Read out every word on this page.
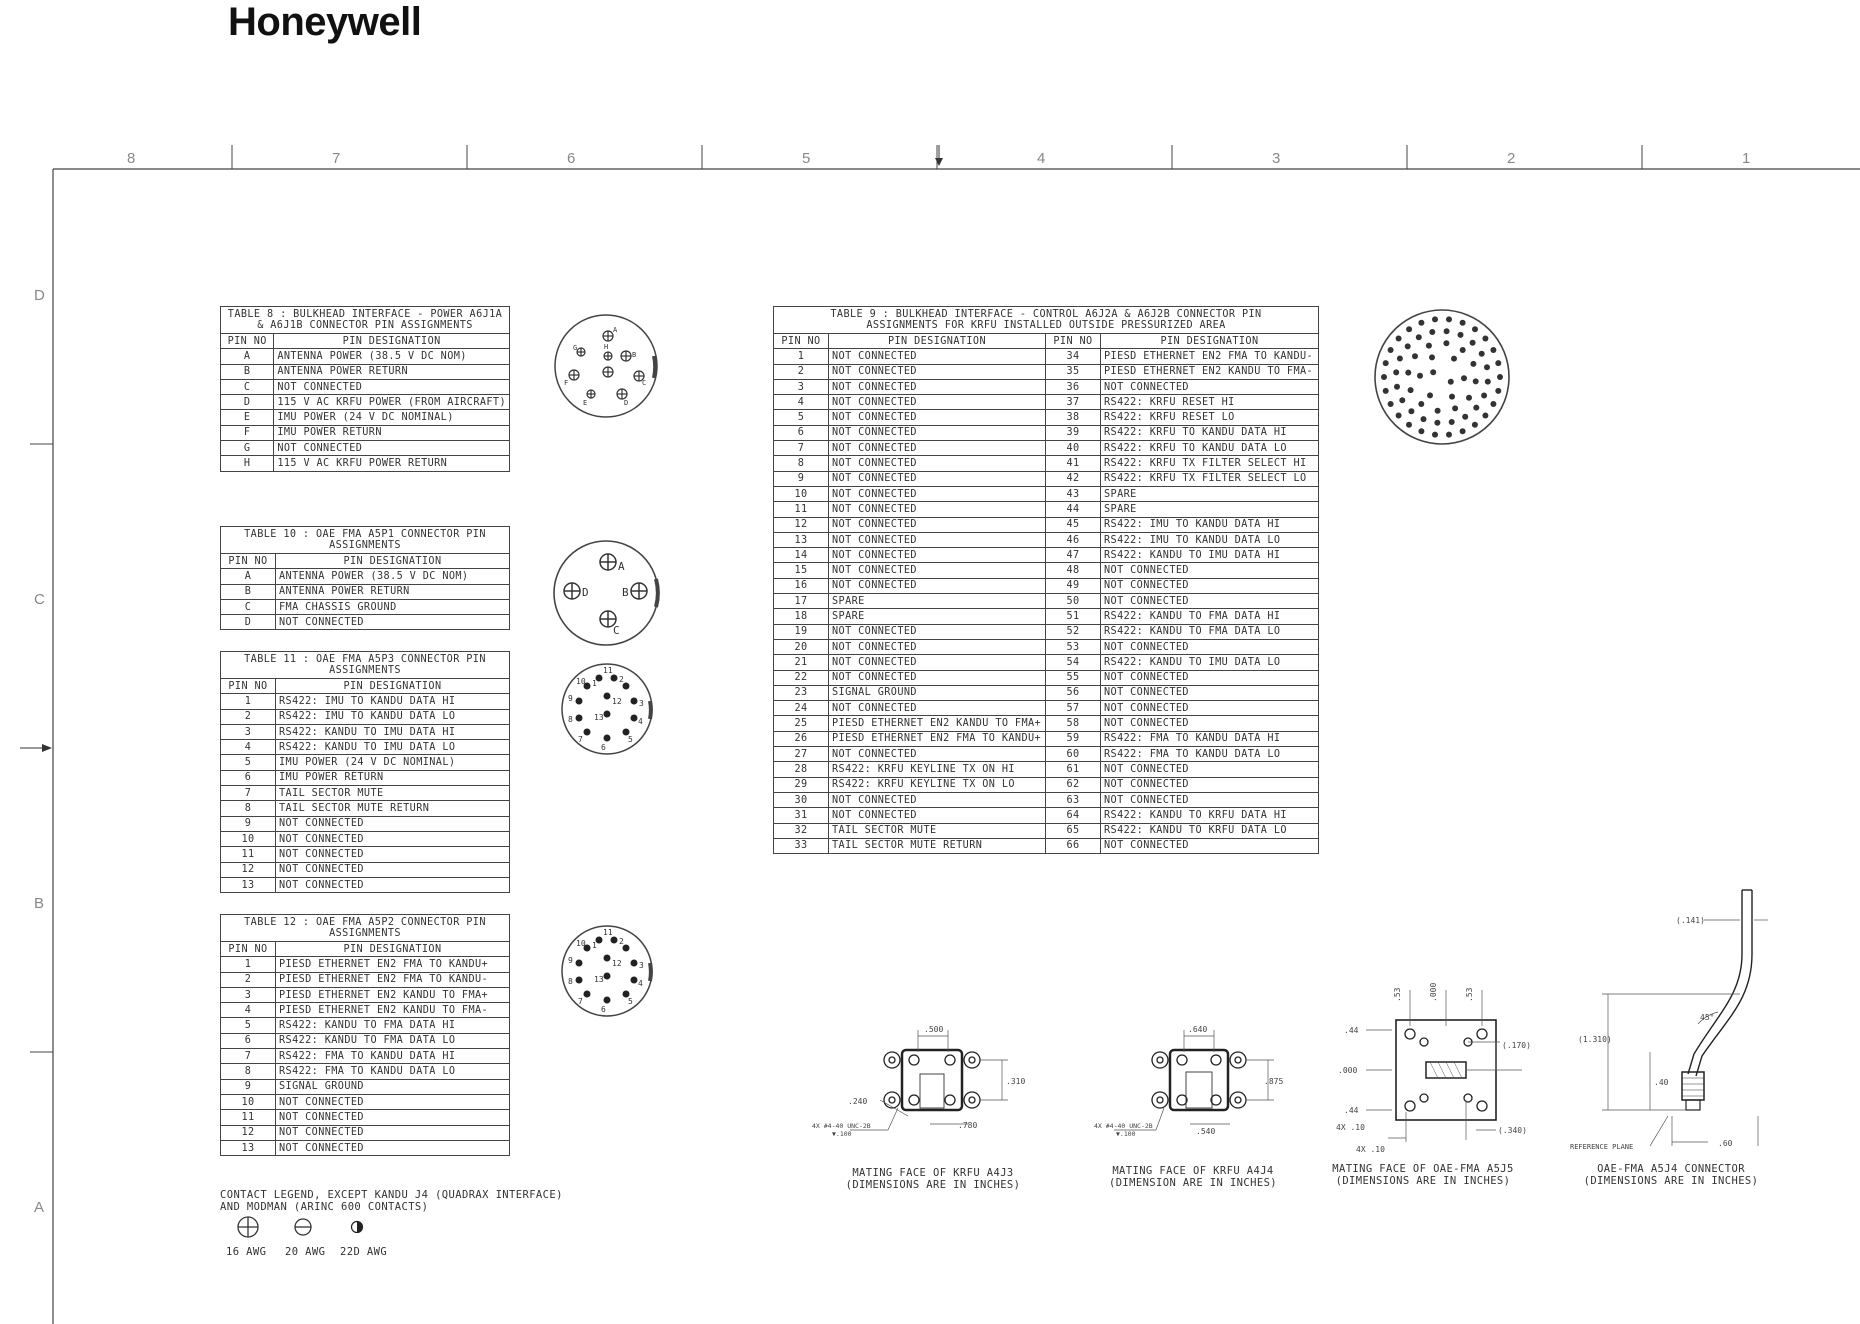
Honeywell
8	7	6	5	4	3	2	1
D
C
B
A
TABLE 8 : BULKHEAD INTERFACE - POWER A6J1A & A6J1B CONNECTOR PIN ASSIGNMENTS	
PIN NO	PIN DESIGNATION
A	ANTENNA POWER (38.5 V DC NOM)
B	ANTENNA POWER RETURN
C	NOT CONNECTED
D	115 V AC KRFU POWER (FROM AIRCRAFT)
E	IMU POWER (24 V DC NOMINAL)
F	IMU POWER RETURN
G	NOT CONNECTED
H	115 V AC KRFU POWER RETURN
TABLE 10 : OAE FMA A5P1 CONNECTOR PIN ASSIGNMENTS	
PIN NO	PIN DESIGNATION
A	ANTENNA POWER (38.5 V DC NOM)
B	ANTENNA POWER RETURN
C	FMA CHASSIS GROUND
D	NOT CONNECTED
TABLE 11 : OAE FMA A5P3 CONNECTOR PIN ASSIGNMENTS	
PIN NO	PIN DESIGNATION
1	RS422: IMU TO KANDU DATA HI
2	RS422: IMU TO KANDU DATA LO
3	RS422: KANDU TO IMU DATA HI
4	RS422: KANDU TO IMU DATA LO
5	IMU POWER (24 V DC NOMINAL)
6	IMU POWER RETURN
7	TAIL SECTOR MUTE
8	TAIL SECTOR MUTE RETURN
9	NOT CONNECTED
10	NOT CONNECTED
11	NOT CONNECTED
12	NOT CONNECTED
13	NOT CONNECTED
TABLE 12 : OAE FMA A5P2 CONNECTOR PIN ASSIGNMENTS	
PIN NO	PIN DESIGNATION
1	PIESD ETHERNET EN2 FMA TO KANDU+
2	PIESD ETHERNET EN2 FMA TO KANDU-
3	PIESD ETHERNET EN2 KANDU TO FMA+
4	PIESD ETHERNET EN2 KANDU TO FMA-
5	RS422: KANDU TO FMA DATA HI
6	RS422: KANDU TO FMA DATA LO
7	RS422: FMA TO KANDU DATA HI
8	RS422: FMA TO KANDU DATA LO
9	SIGNAL GROUND
10	NOT CONNECTED
11	NOT CONNECTED
12	NOT CONNECTED
13	NOT CONNECTED
TABLE 9 : BULKHEAD INTERFACE - CONTROL A6J2A & A6J2B CONNECTOR PIN ASSIGNMENTS FOR KRFU INSTALLED OUTSIDE PRESSURIZED AREA			
PIN NO	PIN DESIGNATION	PIN NO	PIN DESIGNATION
1	NOT CONNECTED	34	PIESD ETHERNET EN2 FMA TO KANDU-
2	NOT CONNECTED	35	PIESD ETHERNET EN2 KANDU TO FMA-
3	NOT CONNECTED	36	NOT CONNECTED
4	NOT CONNECTED	37	RS422: KRFU RESET HI
5	NOT CONNECTED	38	RS422: KRFU RESET LO
6	NOT CONNECTED	39	RS422: KRFU TO KANDU DATA HI
7	NOT CONNECTED	40	RS422: KRFU TO KANDU DATA LO
8	NOT CONNECTED	41	RS422: KRFU TX FILTER SELECT HI
9	NOT CONNECTED	42	RS422: KRFU TX FILTER SELECT LO
10	NOT CONNECTED	43	SPARE
11	NOT CONNECTED	44	SPARE
12	NOT CONNECTED	45	RS422: IMU TO KANDU DATA HI
13	NOT CONNECTED	46	RS422: IMU TO KANDU DATA LO
14	NOT CONNECTED	47	RS422: KANDU TO IMU DATA HI
15	NOT CONNECTED	48	NOT CONNECTED
16	NOT CONNECTED	49	NOT CONNECTED
17	SPARE	50	NOT CONNECTED
18	SPARE	51	RS422: KANDU TO FMA DATA HI
19	NOT CONNECTED	52	RS422: KANDU TO FMA DATA LO
20	NOT CONNECTED	53	NOT CONNECTED
21	NOT CONNECTED	54	RS422: KANDU TO IMU DATA LO
22	NOT CONNECTED	55	NOT CONNECTED
23	SIGNAL GROUND	56	NOT CONNECTED
24	NOT CONNECTED	57	NOT CONNECTED
25	PIESD ETHERNET EN2 KANDU TO FMA+	58	NOT CONNECTED
26	PIESD ETHERNET EN2 FMA TO KANDU+	59	RS422: FMA TO KANDU DATA HI
27	NOT CONNECTED	60	RS422: FMA TO KANDU DATA LO
28	RS422: KRFU KEYLINE TX ON HI	61	NOT CONNECTED
29	RS422: KRFU KEYLINE TX ON LO	62	NOT CONNECTED
30	NOT CONNECTED	63	NOT CONNECTED
31	NOT CONNECTED	64	RS422: KANDU TO KRFU DATA HI
32	TAIL SECTOR MUTE	65	RS422: KANDU TO KRFU DATA LO
33	TAIL SECTOR MUTE RETURN	66	NOT CONNECTED
A
B
C
D
E
F
G	H
A
B
C
D
1	2
3
4
5
6
7
8
9
10
11
12
13
1	2
3
4
5
6
7
8
9
10
11
12
13
.500
.310
.240
.780
4X #4-40 UNC-2B
▼.100
.640
.875
.540
4X #4-40 UNC-2B
▼.100
.53	.000	.53
.44
.000
.44
(.170)
4X .10
4X .10
(.340)
(.141)
(1.310)
45°
.40
REFERENCE PLANE	.60
MATING FACE OF KRFU A4J3
(DIMENSIONS ARE IN INCHES)
MATING FACE OF KRFU A4J4
(DIMENSION ARE IN INCHES)
MATING FACE OF OAE-FMA A5J5
(DIMENSIONS ARE IN INCHES)
OAE-FMA A5J4 CONNECTOR
(DIMENSIONS ARE IN INCHES)
CONTACT LEGEND, EXCEPT KANDU J4 (QUADRAX INTERFACE)
AND MODMAN (ARINC 600 CONTACTS)
16 AWG 20 AWG 22D AWG
